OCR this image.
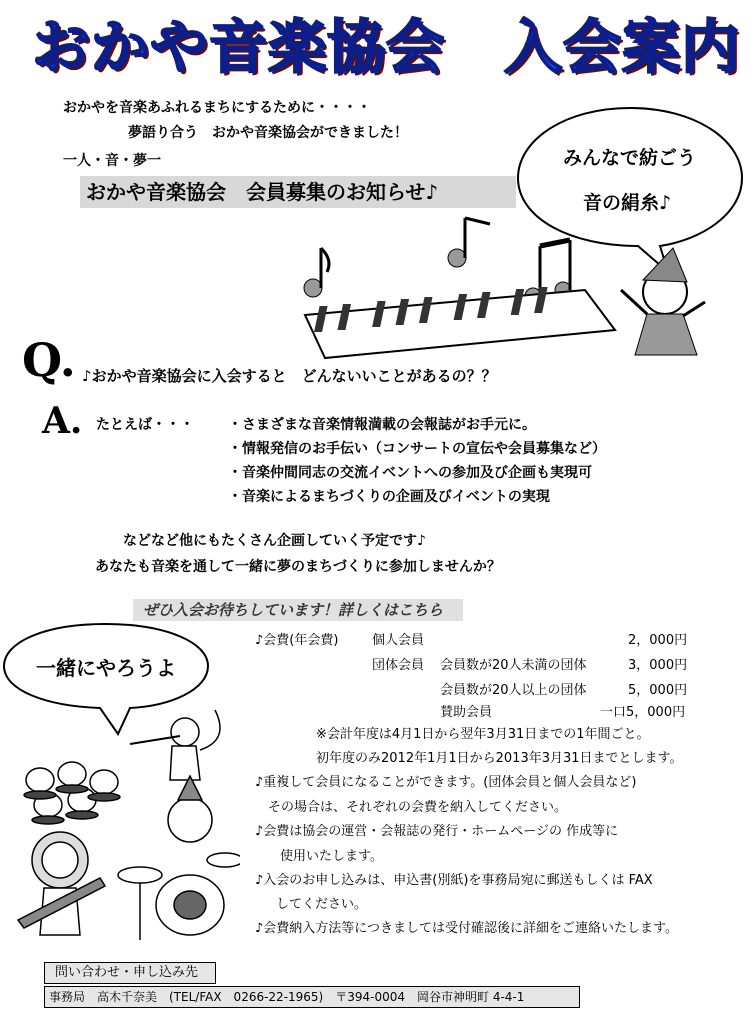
おかや音楽協会　入会案内
おかやを音楽あふれるまちにするために・・・・
夢語り合う　おかや音楽協会ができました！
一人・音・夢一
おかや音楽協会　会員募集のお知らせ♪
みんなで紡ごう
音の絹糸♪
Q. ♪おかや音楽協会に入会すると　どんないいことがあるの？？
A. たとえば・・・ ・さまざまな音楽情報満載の会報誌がお手元に。
・情報発信のお手伝い（コンサートの宣伝や会員募集など）
・音楽仲間同志の交流イベントへの参加及び企画も実現可
・音楽によるまちづくりの企画及びイベントの実現
などなど他にもたくさん企画していく予定です♪
あなたも音楽を通して一緒に夢のまちづくりに参加しませんか？
ぜひ入会お待ちしています！詳しくはこちら
一緒にやろうよ
♪会費(年会費)	個人会員	2，000円
団体会員 会員数が20人未満の団体	3，000円
会員数が20人以上の団体	5，000円
賛助会員	一口5，000円
※会計年度は4月1日から翌年3月31日までの1年間ごと。
初年度のみ2012年1月1日から2013年3月31日までとします。
♪重複して会員になることができます。(団体会員と個人会員など)
その場合は、それぞれの会費を納入してください。
♪会費は協会の運営・会報誌の発行・ホームページの 作成等に
使用いたします。
♪入会のお申し込みは、申込書(別紙)を事務局宛に郵送もしくは FAX
してください。
♪会費納入方法等につきましては受付確認後に詳細をご連絡いたします。
問い合わせ・申し込み先
事務局　高木千奈美　(TEL/FAX　0266-22-1965)　〒394-0004　岡谷市神明町 4-4-1
